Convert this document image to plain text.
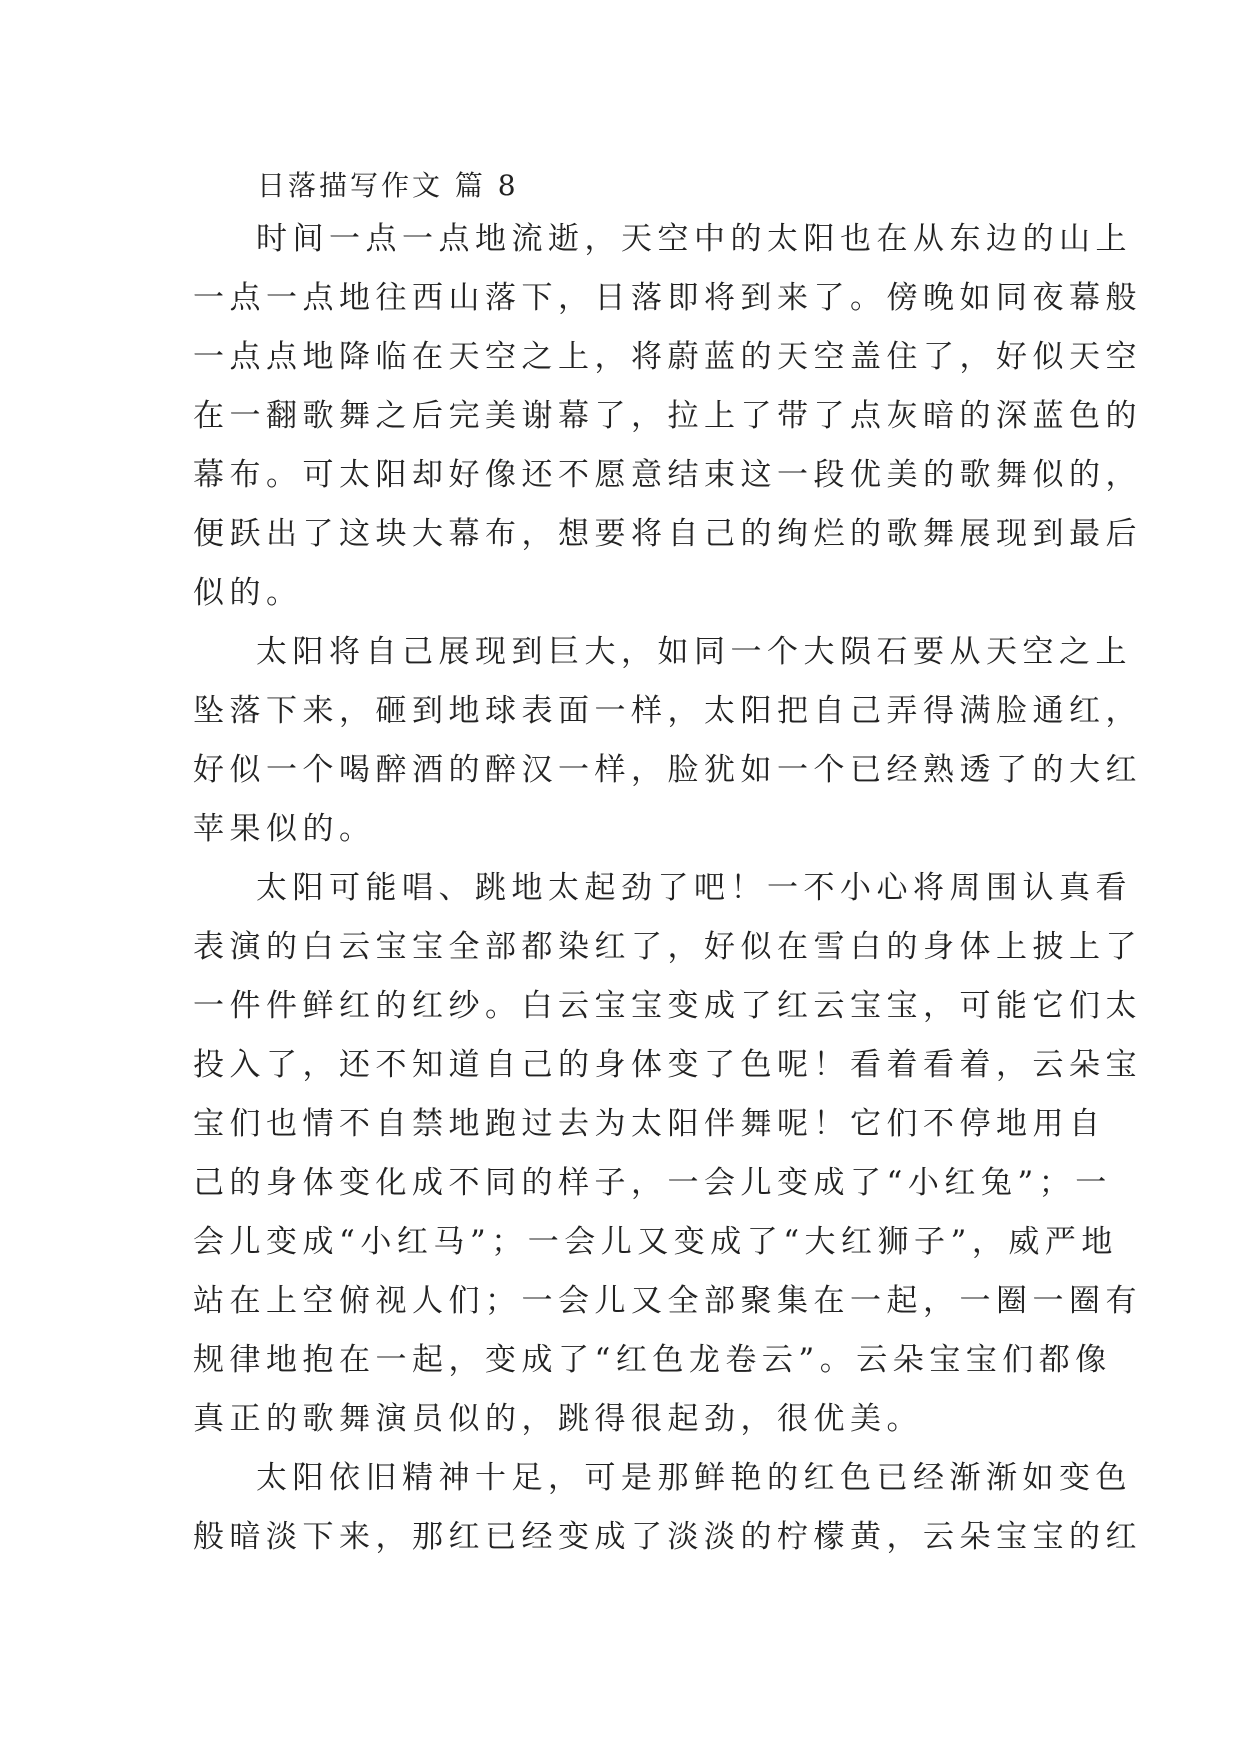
日落描写作文 篇 8
时间一点一点地流逝，天空中的太阳也在从东边的山上
一点一点地往西山落下，日落即将到来了。傍晚如同夜幕般
一点点地降临在天空之上，将蔚蓝的天空盖住了，好似天空
在一翻歌舞之后完美谢幕了，拉上了带了点灰暗的深蓝色的
幕布。可太阳却好像还不愿意结束这一段优美的歌舞似的，
便跃出了这块大幕布，想要将自己的绚烂的歌舞展现到最后
似的。
太阳将自己展现到巨大，如同一个大陨石要从天空之上
坠落下来，砸到地球表面一样，太阳把自己弄得满脸通红，
好似一个喝醉酒的醉汉一样，脸犹如一个已经熟透了的大红
苹果似的。
太阳可能唱、跳地太起劲了吧！一不小心将周围认真看
表演的白云宝宝全部都染红了，好似在雪白的身体上披上了
一件件鲜红的红纱。白云宝宝变成了红云宝宝，可能它们太
投入了，还不知道自己的身体变了色呢！看着看着，云朵宝
宝们也情不自禁地跑过去为太阳伴舞呢！它们不停地用自
己的身体变化成不同的样子，一会儿变成了“小红兔”；一
会儿变成“小红马”；一会儿又变成了“大红狮子”，威严地
站在上空俯视人们；一会儿又全部聚集在一起，一圈一圈有
规律地抱在一起，变成了“红色龙卷云”。云朵宝宝们都像
真正的歌舞演员似的，跳得很起劲，很优美。
太阳依旧精神十足，可是那鲜艳的红色已经渐渐如变色
般暗淡下来，那红已经变成了淡淡的柠檬黄，云朵宝宝的红
